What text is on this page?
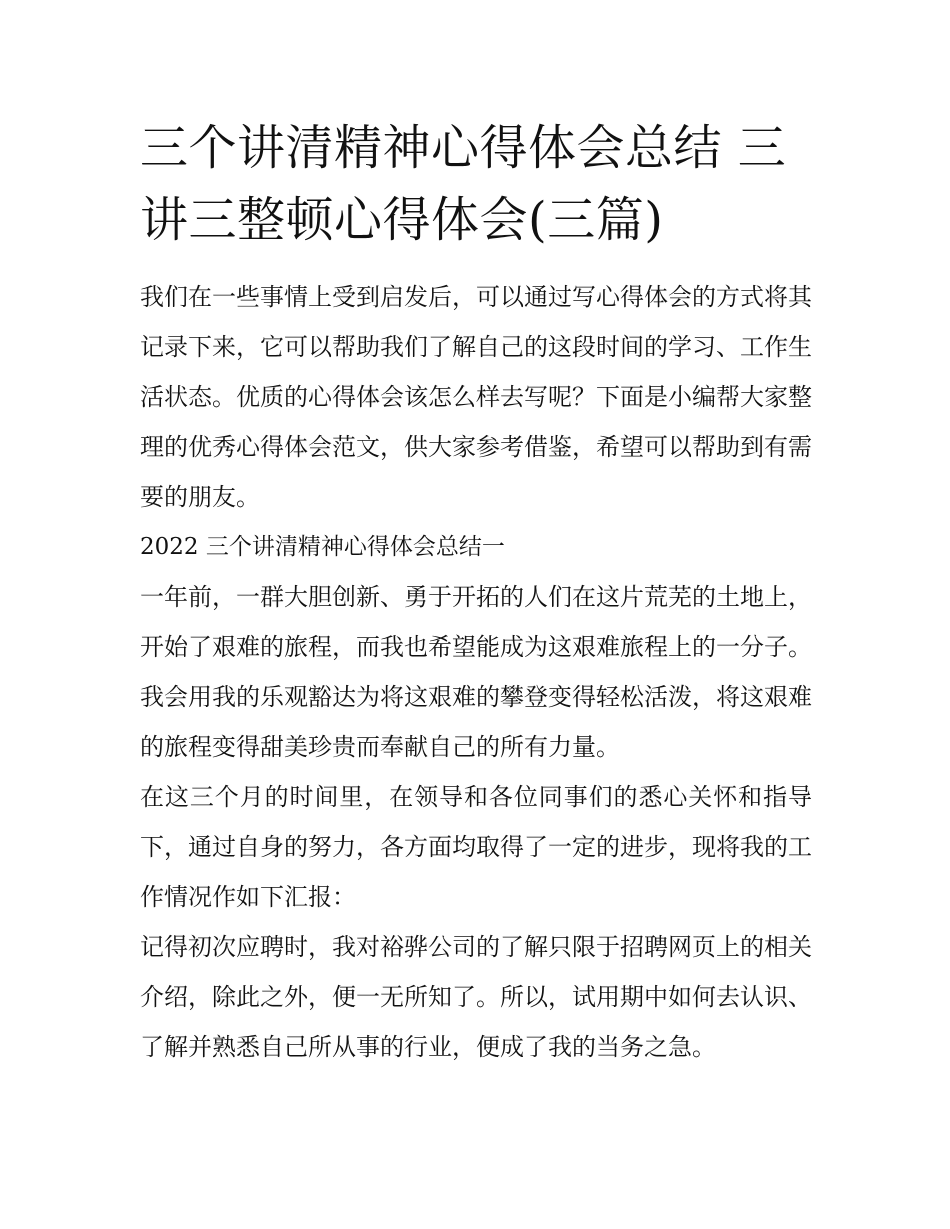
三个讲清精神心得体会总结 三讲三整顿心得体会(三篇)

我们在一些事情上受到启发后，可以通过写心得体会的方式将其记录下来，它可以帮助我们了解自己的这段时间的学习、工作生活状态。优质的心得体会该怎么样去写呢？下面是小编帮大家整理的优秀心得体会范文，供大家参考借鉴，希望可以帮助到有需要的朋友。

2022 三个讲清精神心得体会总结一

一年前，一群大胆创新、勇于开拓的人们在这片荒芜的土地上，开始了艰难的旅程，而我也希望能成为这艰难旅程上的一分子。我会用我的乐观豁达为将这艰难的攀登变得轻松活泼，将这艰难的旅程变得甜美珍贵而奉献自己的所有力量。

在这三个月的时间里，在领导和各位同事们的悉心关怀和指导下，通过自身的努力，各方面均取得了一定的进步，现将我的工作情况作如下汇报：

记得初次应聘时，我对裕骅公司的了解只限于招聘网页上的相关介绍，除此之外，便一无所知了。所以，试用期中如何去认识、了解并熟悉自己所从事的行业，便成了我的当务之急。
